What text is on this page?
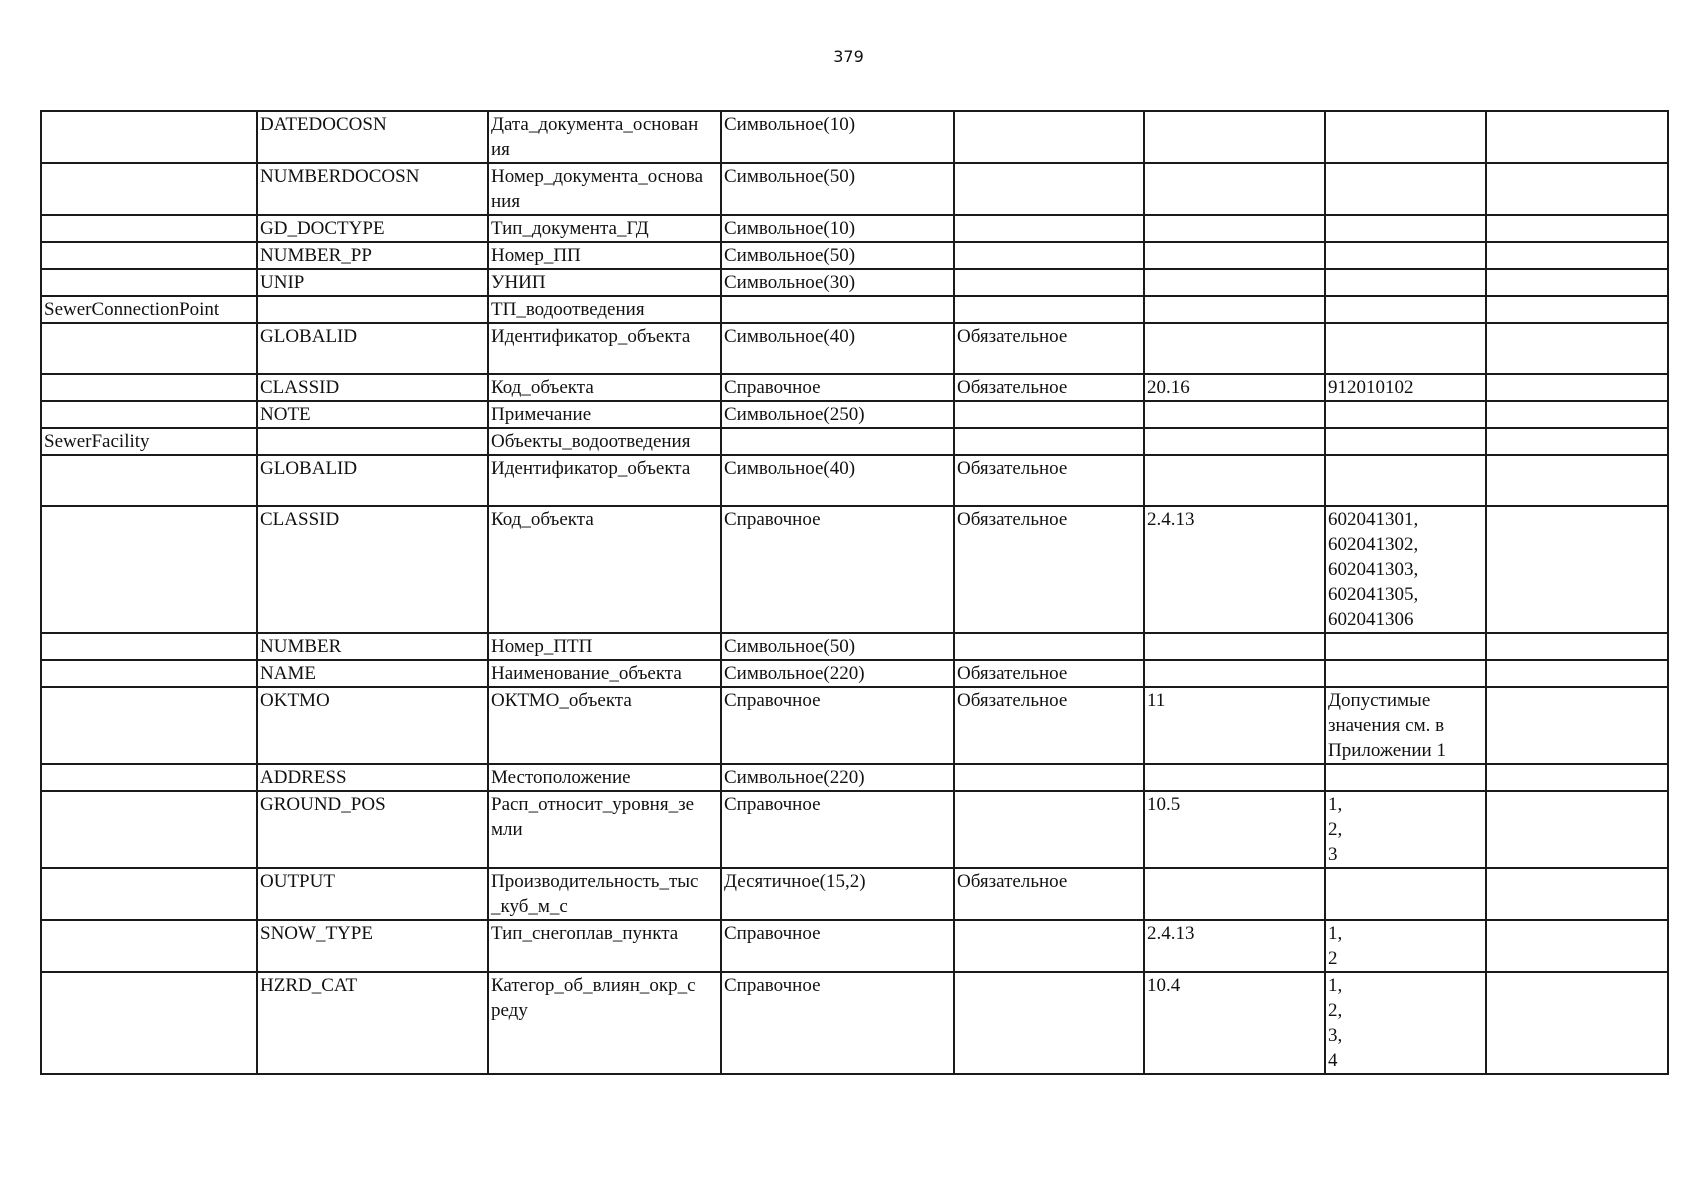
379
	DATEDOCOSN	Дата_документа_основан
ия	Символьное(10)				
	NUMBERDOCOSN	Номер_документа_основа
ния	Символьное(50)				
	GD_DOCTYPE	Тип_документа_ГД	Символьное(10)				
	NUMBER_PP	Номер_ПП	Символьное(50)				
	UNIP	УНИП	Символьное(30)				
SewerConnectionPoint		ТП_водоотведения					
	GLOBALID	Идентификатор_объекта	Символьное(40)	Обязательное			
	CLASSID	Код_объекта	Справочное	Обязательное	20.16	912010102	
	NOTE	Примечание	Символьное(250)				
SewerFacility		Объекты_водоотведения					
	GLOBALID	Идентификатор_объекта	Символьное(40)	Обязательное			
	CLASSID	Код_объекта	Справочное	Обязательное	2.4.13	602041301,
602041302,
602041303,
602041305,
602041306	
	NUMBER	Номер_ПТП	Символьное(50)				
	NAME	Наименование_объекта	Символьное(220)	Обязательное			
	OKTMO	ОКТМО_объекта	Справочное	Обязательное	11	Допустимые
значения см. в
Приложении 1	
	ADDRESS	Местоположение	Символьное(220)				
	GROUND_POS	Расп_относит_уровня_зе
мли	Справочное		10.5	1,
2,
3	
	OUTPUT	Производительность_тыс
_куб_м_с	Десятичное(15,2)	Обязательное			
	SNOW_TYPE	Тип_снегоплав_пункта	Справочное		2.4.13	1,
2	
	HZRD_CAT	Категор_об_влиян_окр_с
реду	Справочное		10.4	1,
2,
3,
4	
